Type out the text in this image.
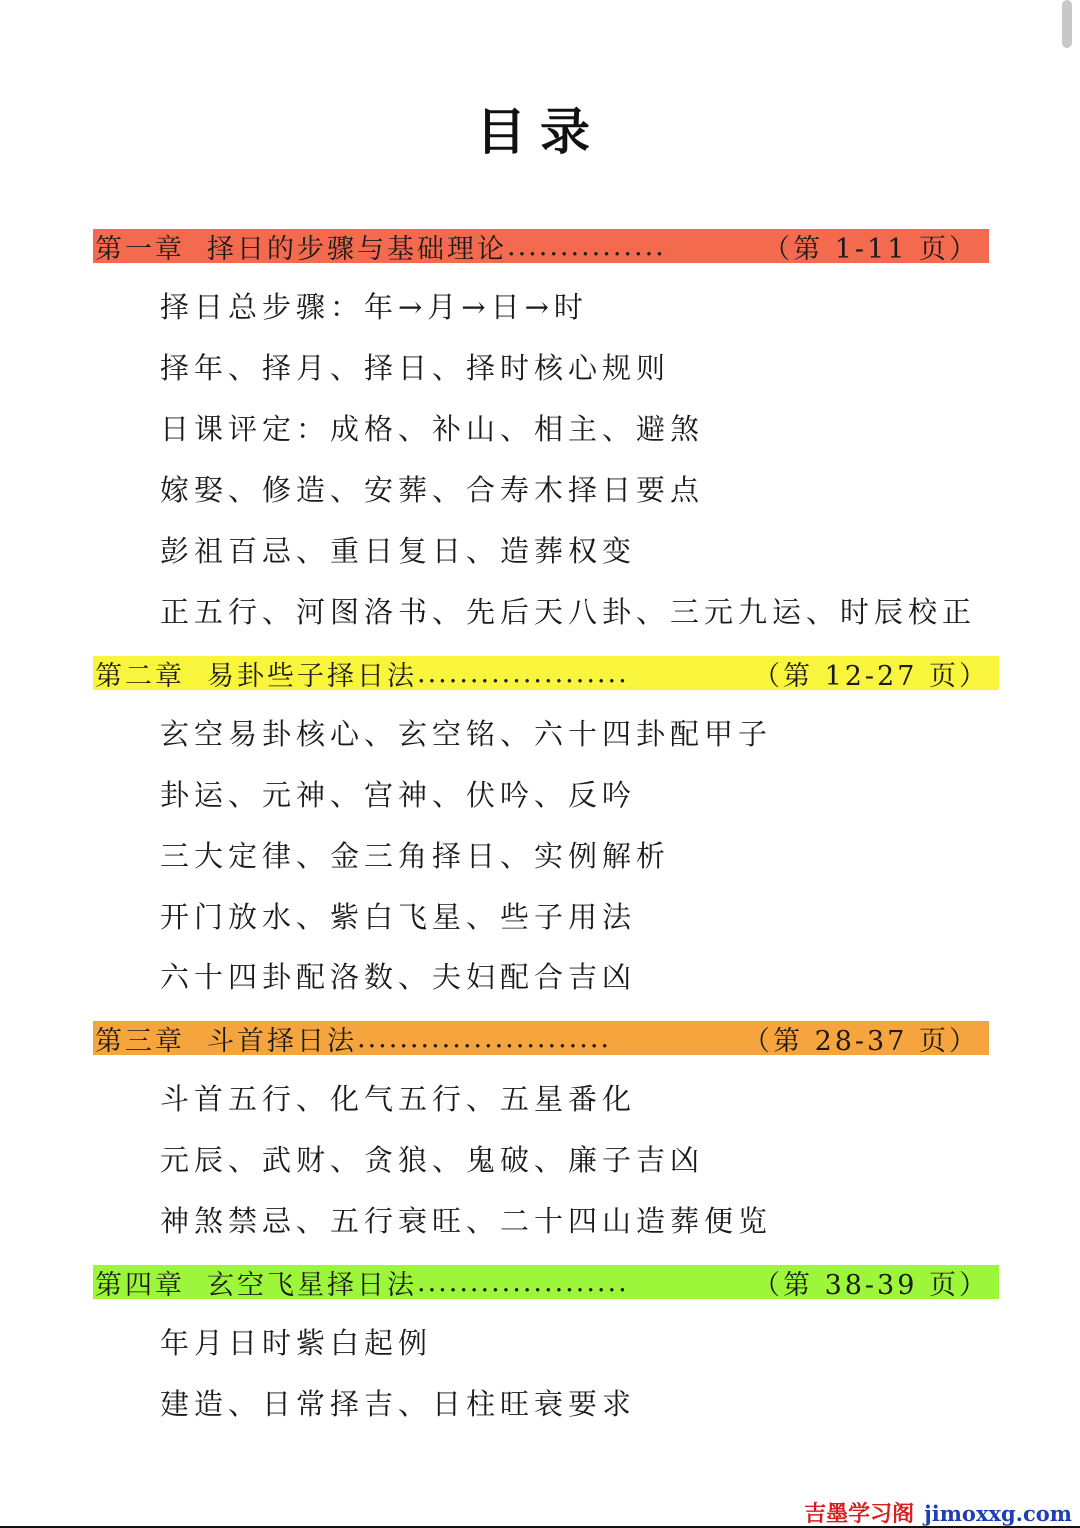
目录
第一章 择日的步骤与基础理论 ...............	（第 1-11 页）
择日总步骤：年→月→日→时
择年、择月、择日、择时核心规则
日课评定：成格、补山、相主、避煞
嫁娶、修造、安葬、合寿木择日要点
彭祖百忌、重日复日、造葬权变
正五行、河图洛书、先后天八卦、三元九运、时辰校正
第二章 易卦些子择日法 ....................	（第 12-27 页）
玄空易卦核心、玄空铭、六十四卦配甲子
卦运、元神、宫神、伏吟、反吟
三大定律、金三角择日、实例解析
开门放水、紫白飞星、些子用法
六十四卦配洛数、夫妇配合吉凶
第三章 斗首择日法 ........................	（第 28-37 页）
斗首五行、化气五行、五星番化
元辰、武财、贪狼、鬼破、廉子吉凶
神煞禁忌、五行衰旺、二十四山造葬便览
第四章 玄空飞星择日法 ....................	（第 38-39 页）
年月日时紫白起例
建造、日常择吉、日柱旺衰要求
吉墨学习阁 jimoxxg.com
